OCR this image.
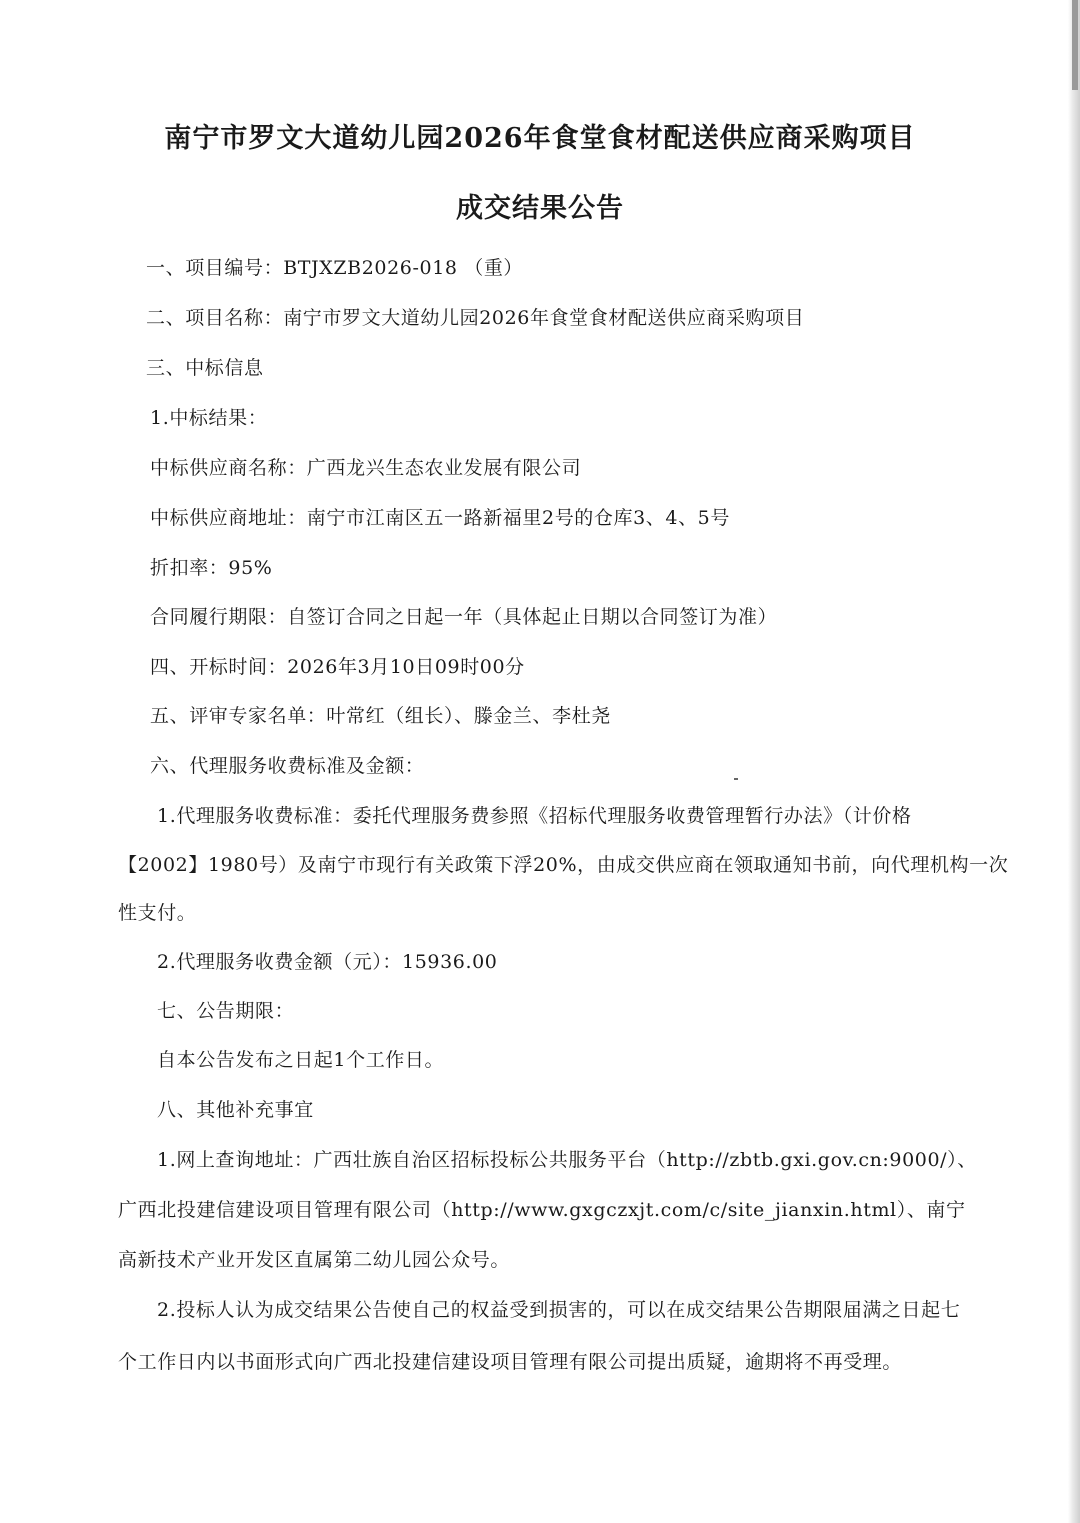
南宁市罗文大道幼儿园2026年食堂食材配送供应商采购项目
成交结果公告

一、项目编号：BTJXZB2026-018 （重）

二、项目名称：南宁市罗文大道幼儿园2026年食堂食材配送供应商采购项目

三、中标信息

1.中标结果：

中标供应商名称：广西龙兴生态农业发展有限公司

中标供应商地址：南宁市江南区五一路新福里2号的仓库3、4、5号

折扣率：95%

合同履行期限：自签订合同之日起一年（具体起止日期以合同签订为准）

四、开标时间：2026年3月10日09时00分

五、评审专家名单：叶常红（组长）、滕金兰、李杜尧

六、代理服务收费标准及金额：

1.代理服务收费标准：委托代理服务费参照《招标代理服务收费管理暂行办法》（计价格

【2002】1980号）及南宁市现行有关政策下浮20%，由成交供应商在领取通知书前，向代理机构一次

性支付。

2.代理服务收费金额（元）：15936.00

七、公告期限：

自本公告发布之日起1个工作日。

八、其他补充事宜

1.网上查询地址：广西壮族自治区招标投标公共服务平台（http://zbtb.gxi.gov.cn:9000/）、

广西北投建信建设项目管理有限公司（http://www.gxgczxjt.com/c/site_jianxin.html）、南宁

高新技术产业开发区直属第二幼儿园公众号。

2.投标人认为成交结果公告使自己的权益受到损害的，可以在成交结果公告期限届满之日起七

个工作日内以书面形式向广西北投建信建设项目管理有限公司提出质疑，逾期将不再受理。
